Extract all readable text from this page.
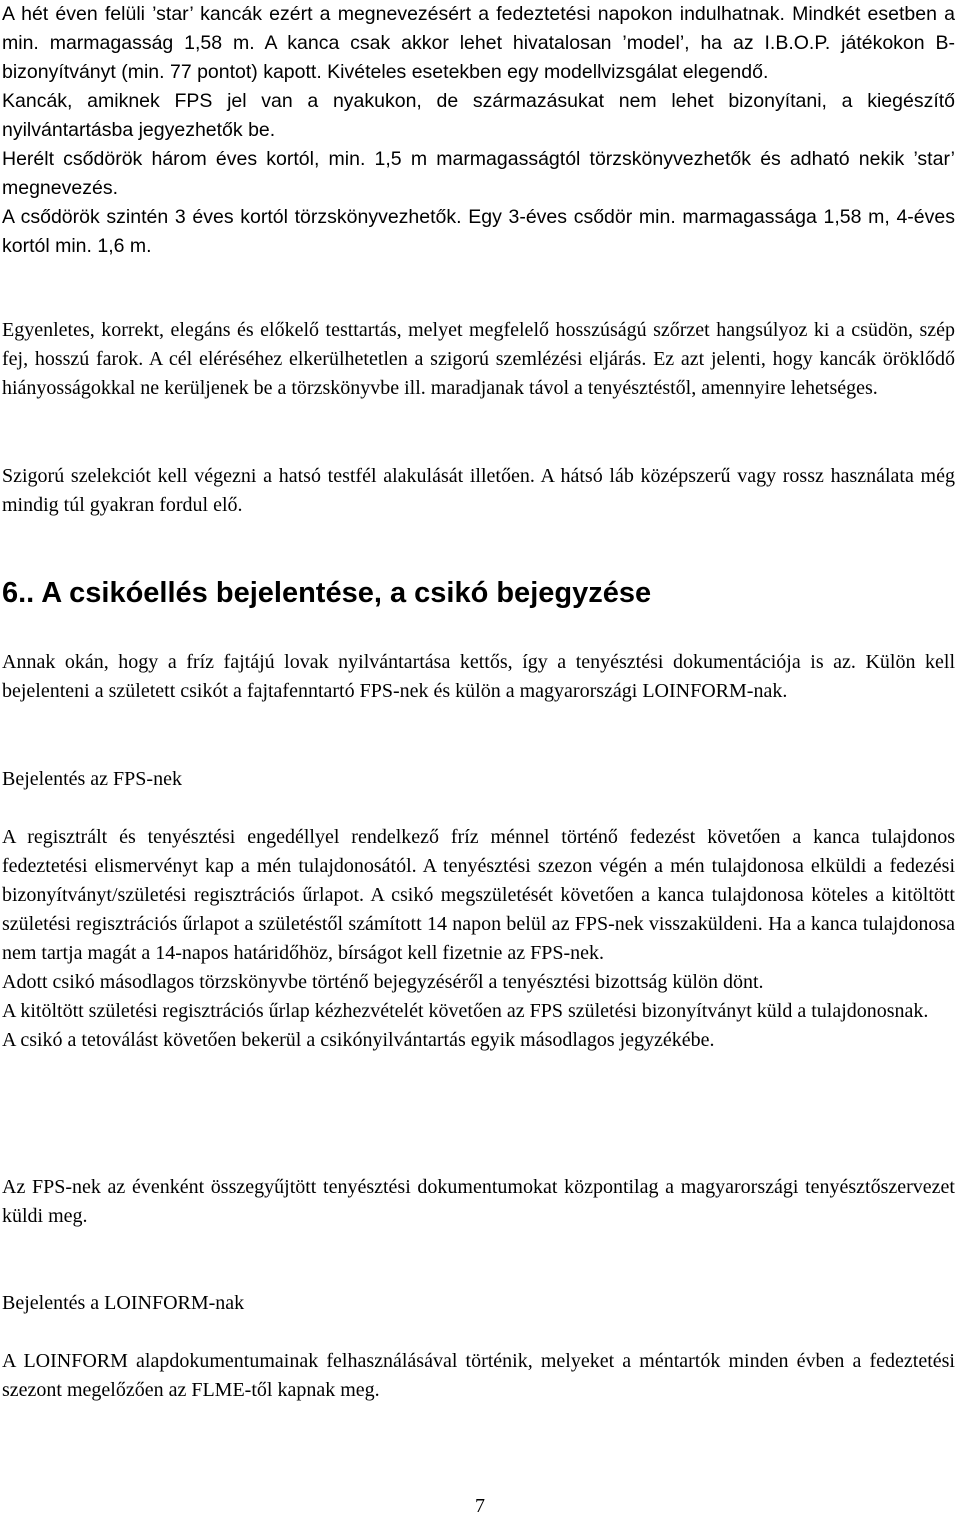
A hét éven felüli ’star’ kancák ezért a megnevezésért a fedeztetési napokon indulhatnak. Mindkét esetben a min. marmagasság 1,58 m. A kanca csak akkor lehet hivatalosan ’model’, ha az I.B.O.P. játékokon B-bizonyítványt (min. 77 pontot) kapott. Kivételes esetekben egy modellvizsgálat elegendő.

Kancák, amiknek FPS jel van a nyakukon, de származásukat nem lehet bizonyítani, a kiegészítő nyilvántartásba jegyezhetők be.

Herélt csődörök három éves kortól, min. 1,5 m marmagasságtól törzskönyvezhetők és adható nekik ’star’ megnevezés.

A csődörök szintén 3 éves kortól törzskönyvezhetők. Egy 3-éves csődör min. marmagassága 1,58 m, 4-éves kortól min. 1,6 m.

Egyenletes, korrekt, elegáns és előkelő testtartás, melyet megfelelő hosszúságú szőrzet hangsúlyoz ki a csüdön, szép fej, hosszú farok. A cél eléréséhez elkerülhetetlen a szigorú szemlézési eljárás. Ez azt jelenti, hogy kancák öröklődő hiányosságokkal ne kerüljenek be a törzskönyvbe ill. maradjanak távol a tenyésztéstől, amennyire lehetséges.

Szigorú szelekciót kell végezni a hatsó testfél alakulását illetően. A hátsó láb középszerű vagy rossz használata még mindig túl gyakran fordul elő.

6.. A csikóellés bejelentése, a csikó bejegyzése

Annak okán, hogy a fríz fajtájú lovak nyilvántartása kettős, így a tenyésztési dokumentációja is az. Külön kell bejelenteni a született csikót a fajtafenntartó FPS-nek és külön a magyarországi LOINFORM-nak.

Bejelentés az FPS-nek

A regisztrált és tenyésztési engedéllyel rendelkező fríz ménnel történő fedezést követően a kanca tulajdonos fedeztetési elismervényt kap a mén tulajdonosától. A tenyésztési szezon végén a mén tulajdonosa elküldi a fedezési bizonyítványt/születési regisztrációs űrlapot. A csikó megszületését követően a kanca tulajdonosa köteles a kitöltött születési regisztrációs űrlapot a születéstől számított 14 napon belül az FPS-nek visszaküldeni. Ha a kanca tulajdonosa nem tartja magát a 14-napos határidőhöz, bírságot kell fizetnie az FPS-nek.

Adott csikó másodlagos törzskönyvbe történő bejegyzéséről a tenyésztési bizottság külön dönt.

A kitöltött születési regisztrációs űrlap kézhezvételét követően az FPS születési bizonyítványt küld a tulajdonosnak.

A csikó a tetoválást követően bekerül a csikónyilvántartás egyik másodlagos jegyzékébe.

Az FPS-nek az évenként összegyűjtött tenyésztési dokumentumokat központilag a magyarországi tenyésztőszervezet küldi meg.

Bejelentés a LOINFORM-nak

A LOINFORM alapdokumentumainak felhasználásával történik, melyeket a méntartók minden évben a fedeztetési szezont megelőzően az FLME-től kapnak meg.

7
